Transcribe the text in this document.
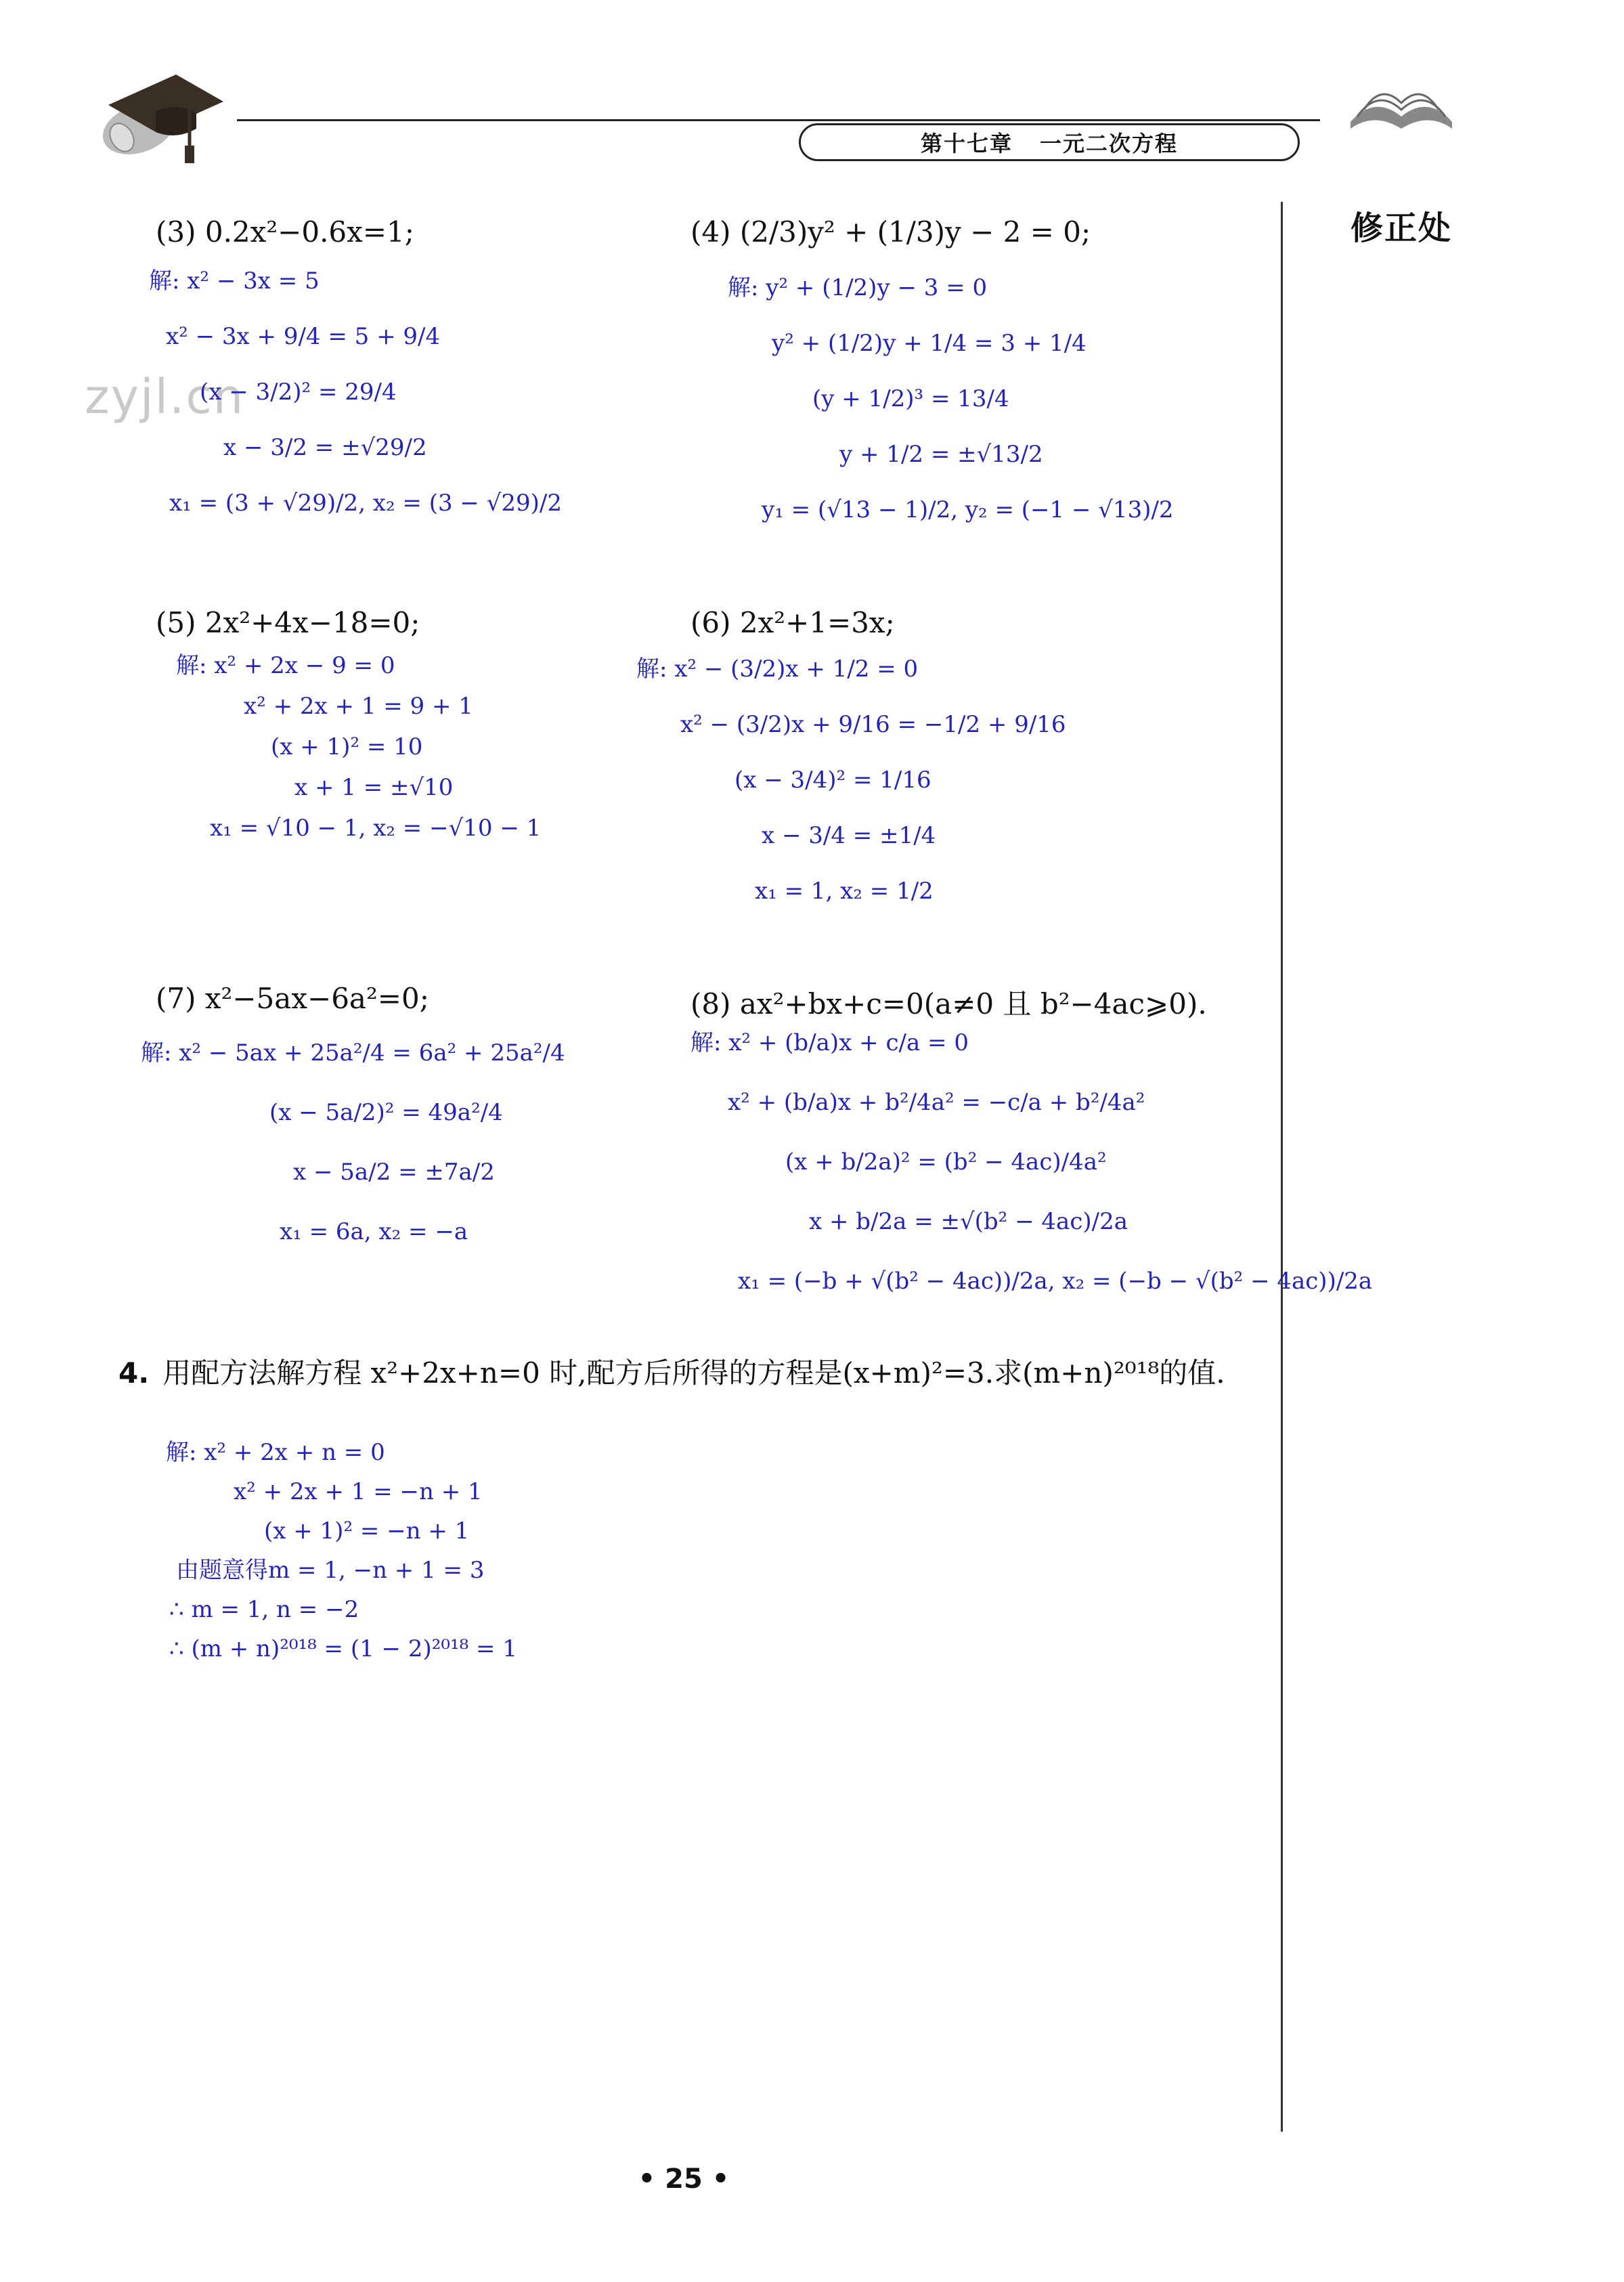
第十七章 一元二次方程
修正处
zyjl.cn
(3) 0.2x²−0.6x=1;
解: x² − 3x = 5
x² − 3x + 9/4 = 5 + 9/4
(x − 3/2)² = 29/4
x − 3/2 = ±√29/2
x₁ = (3 + √29)/2, x₂ = (3 − √29)/2
(4) (2/3)y² + (1/3)y − 2 = 0;
解: y² + (1/2)y − 3 = 0
y² + (1/2)y + 1/4 = 3 + 1/4
(y + 1/2)³ = 13/4
y + 1/2 = ±√13/2
y₁ = (√13 − 1)/2, y₂ = (−1 − √13)/2
(5) 2x²+4x−18=0;
解: x² + 2x − 9 = 0
x² + 2x + 1 = 9 + 1
(x + 1)² = 10
x + 1 = ±√10
x₁ = √10 − 1, x₂ = −√10 − 1
(6) 2x²+1=3x;
解: x² − (3/2)x + 1/2 = 0
x² − (3/2)x + 9/16 = −1/2 + 9/16
(x − 3/4)² = 1/16
x − 3/4 = ±1/4
x₁ = 1, x₂ = 1/2
(7) x²−5ax−6a²=0;
解: x² − 5ax + 25a²/4 = 6a² + 25a²/4
(x − 5a/2)² = 49a²/4
x − 5a/2 = ±7a/2
x₁ = 6a, x₂ = −a
(8) ax²+bx+c=0(a≠0 且 b²−4ac⩾0).
解: x² + (b/a)x + c/a = 0
x² + (b/a)x + b²/4a² = −c/a + b²/4a²
(x + b/2a)² = (b² − 4ac)/4a²
x + b/2a = ±√(b² − 4ac)/2a
x₁ = (−b + √(b² − 4ac))/2a, x₂ = (−b − √(b² − 4ac))/2a
4. 用配方法解方程 x²+2x+n=0 时,配方后所得的方程是(x+m)²=3.求(m+n)²⁰¹⁸的值.
解: x² + 2x + n = 0
x² + 2x + 1 = −n + 1
(x + 1)² = −n + 1
由题意得m = 1, −n + 1 = 3
∴ m = 1, n = −2
∴ (m + n)²⁰¹⁸ = (1 − 2)²⁰¹⁸ = 1
• 25 •
